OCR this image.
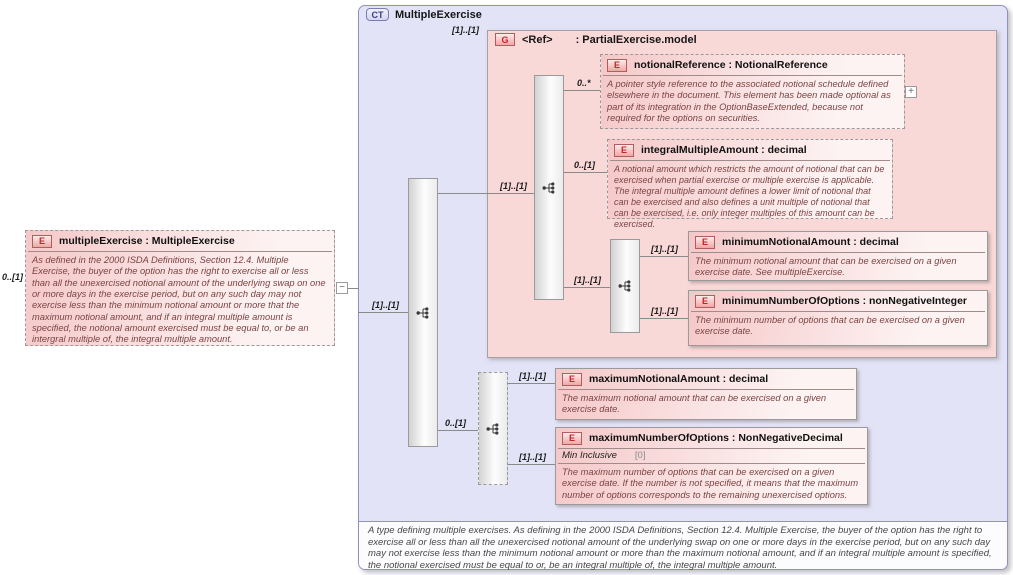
CT	MultipleExercise
A type defining multiple exercises. As defining in the 2000 ISDA Definitions, Section 12.4. Multiple Exercise, the buyer of the option has the right to exercise all or less than all the unexercised notional amount of the underlying swap on one or more days in the exercise period, but on any such day may not exercise less than the minimum notional amount or more than the maximum notional amount, and if an integral multiple amount is specified, the notional exercised must be equal to or, be an integral multiple of, the integral multiple amount.
0..[1]
E	multipleExercise : MultipleExercise
As defined in the 2000 ISDA Definitions, Section 12.4. Multiple Exercise, the buyer of the option has the right to exercise all or less than all the unexercised notional amount of the underlying swap on one or more days in the exercise period, but on any such day may not exercise less than the minimum notional amount or more that the maximum notional amount, and if an integral multiple amount is specified, the notional amount exercised must be equal to, or be an intergral multiple of, the integral multiple amount.
−
[1]..[1]
[1]..[1]
G	<Ref> : PartialExercise.model
[1]..[1]
0..*
0..[1]
[1]..[1]
[1]..[1]
[1]..[1]
0..[1]
[1]..[1]
[1]..[1]
E	notionalReference : NotionalReference
A pointer style reference to the associated notional schedule defined elsewhere in the document. This element has been made optional as part of its integration in the OptionBaseExtended, because not required for the options on securities.
+
E	integralMultipleAmount : decimal
A notional amount which restricts the amount of notional that can be exercised when partial exercise or multiple exercise is applicable. The integral multiple amount defines a lower limit of notional that can be exercised and also defines a unit multiple of notional that can be exercised, i.e. only integer multiples of this amount can be exercised.
E	minimumNotionalAmount : decimal
The minimum notional amount that can be exercised on a given exercise date. See multipleExercise.
E	minimumNumberOfOptions : nonNegativeInteger
The minimum number of options that can be exercised on a given exercise date.
E	maximumNotionalAmount : decimal
The maximum notional amount that can be exercised on a given exercise date.
E	maximumNumberOfOptions : NonNegativeDecimal
Min Inclusive [0]
The maximum number of options that can be exercised on a given exercise date. If the number is not specified, it means that the maximum number of options corresponds to the remaining unexercised options.
